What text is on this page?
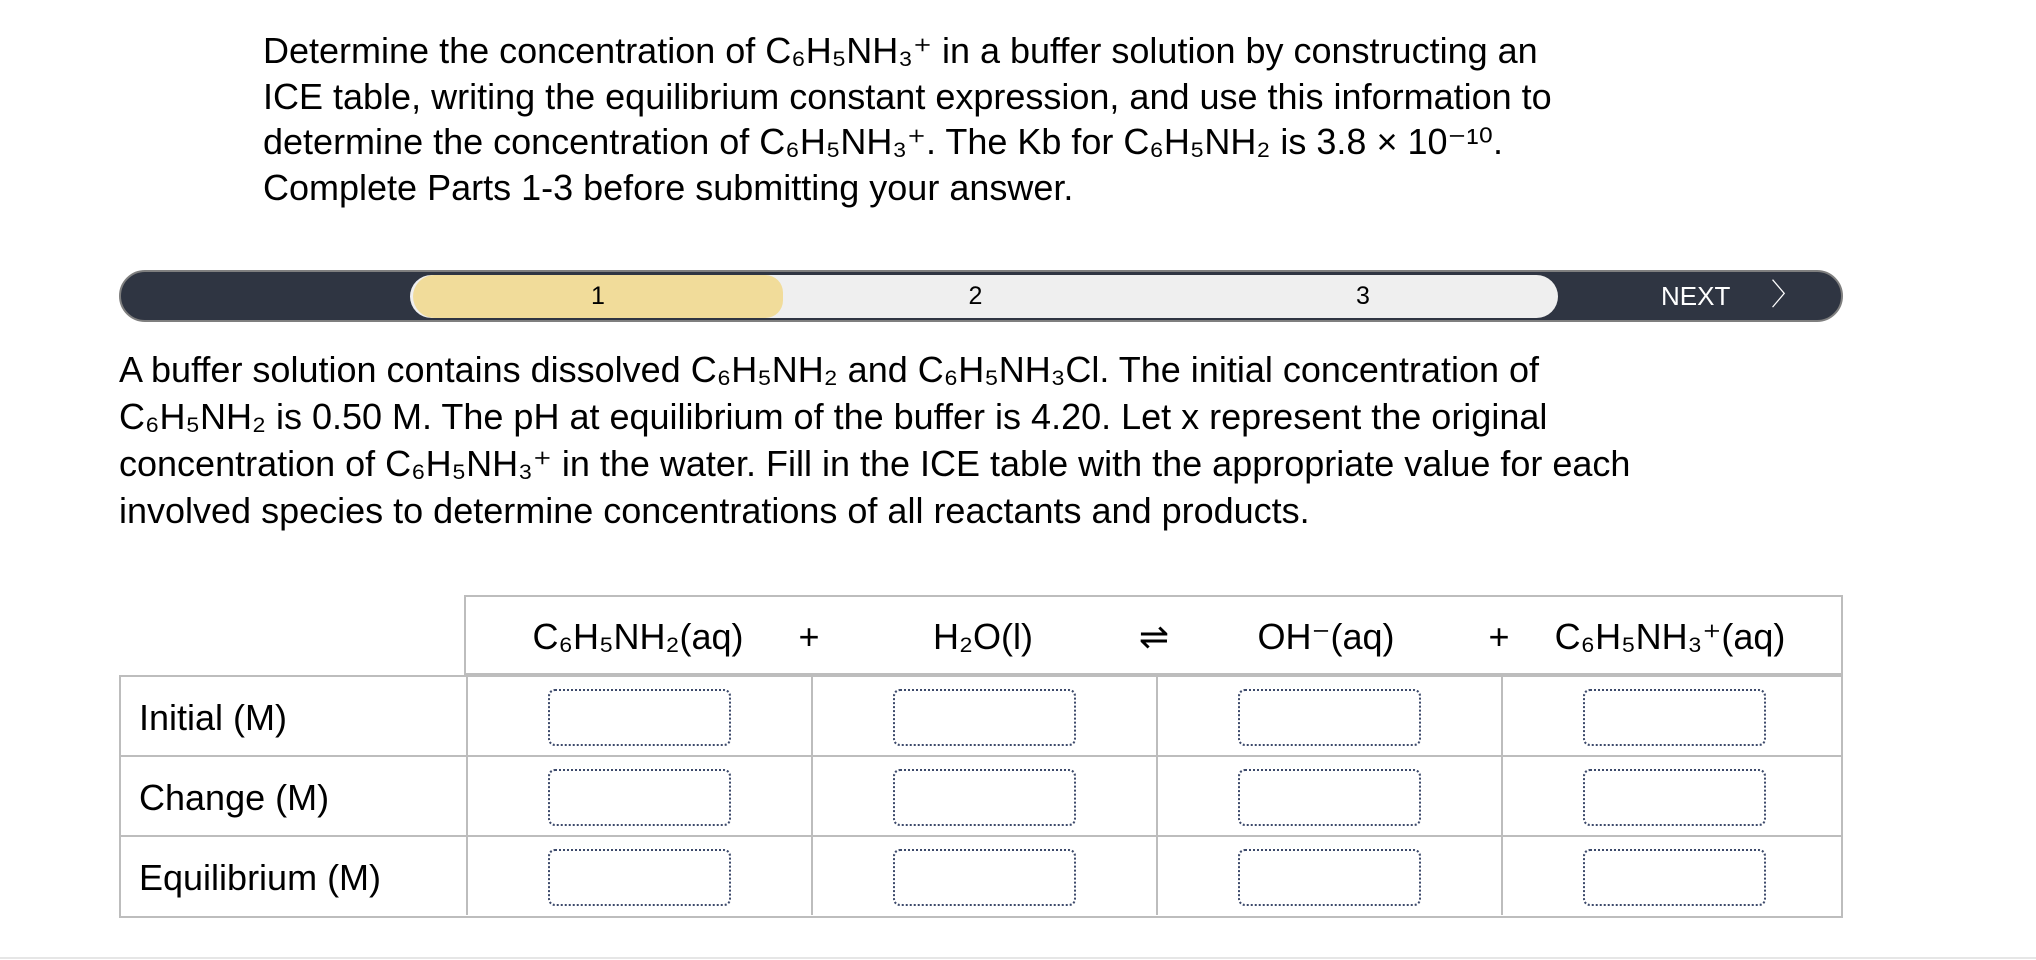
Determine the concentration of C₆H₅NH₃⁺ in a buffer solution by constructing an
ICE table, writing the equilibrium constant expression, and use this information to
determine the concentration of C₆H₅NH₃⁺. The Kb for C₆H₅NH₂ is 3.8 × 10⁻¹⁰.
Complete Parts 1-3 before submitting your answer.
1	2	3	NEXT 〉
A buffer solution contains dissolved C₆H₅NH₂ and C₆H₅NH₃Cl. The initial concentration of
C₆H₅NH₂ is 0.50 M. The pH at equilibrium of the buffer is 4.20. Let x represent the original
concentration of C₆H₅NH₃⁺ in the water. Fill in the ICE table with the appropriate value for each
involved species to determine concentrations of all reactants and products.
C₆H₅NH₂(aq) +	H₂O(l)	⇌ OH⁻(aq)	+ C₆H₅NH₃⁺(aq)
Initial (M)
Change (M)
Equilibrium (M)
